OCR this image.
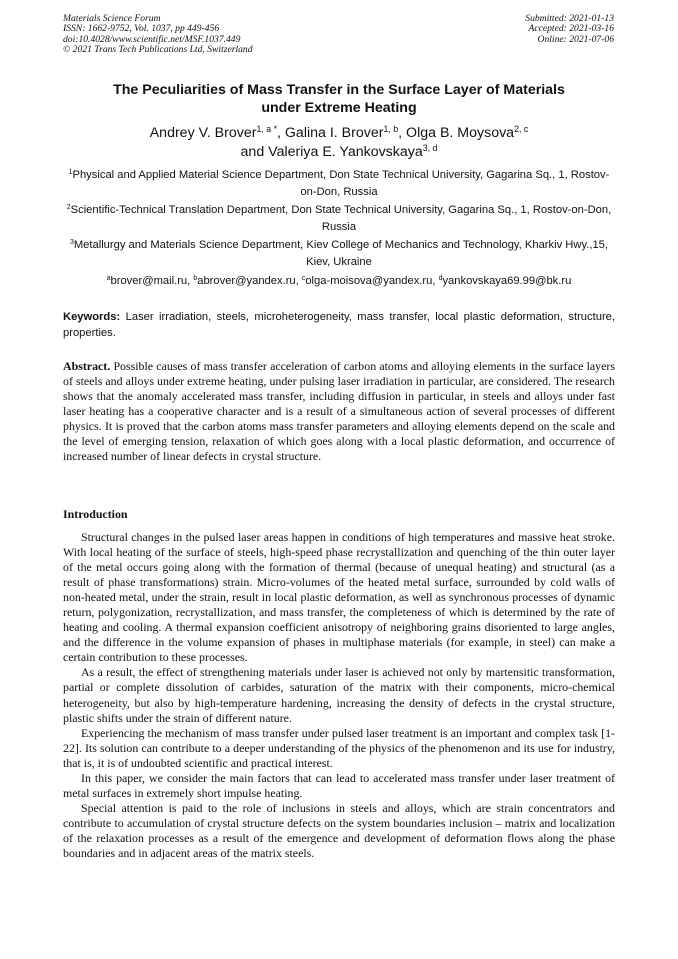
Materials Science Forum
ISSN: 1662-9752, Vol. 1037, pp 449-456
doi:10.4028/www.scientific.net/MSF.1037.449
© 2021 Trans Tech Publications Ltd, Switzerland
Submitted: 2021-01-13
Accepted: 2021-03-16
Online: 2021-07-06
The Peculiarities of Mass Transfer in the Surface Layer of Materials
under Extreme Heating
Andrey V. Brover$^{1, a *}$, Galina I. Brover$^{1, b}$, Olga B. Moysova$^{2, c}$
and Valeriya E. Yankovskaya$^{3, d}$
$^1$Physical and Applied Material Science Department, Don State Technical University, Gagarina Sq., 1, Rostov-on-Don, Russia
$^2$Scientific-Technical Translation Department, Don State Technical University, Gagarina Sq., 1, Rostov-on-Don, Russia
$^3$Metallurgy and Materials Science Department, Kiev College of Mechanics and Technology, Kharkiv Hwy.,15, Kiev, Ukraine
$^a$brover@mail.ru, $^b$abrover@yandex.ru, $^c$olga-moisova@yandex.ru, $^d$yankovskaya69.99@bk.ru
Keywords: Laser irradiation, steels, microheterogeneity, mass transfer, local plastic deformation, structure, properties.
Abstract. Possible causes of mass transfer acceleration of carbon atoms and alloying elements in the surface layers of steels and alloys under extreme heating, under pulsing laser irradiation in particular, are considered. The research shows that the anomaly accelerated mass transfer, including diffusion in particular, in steels and alloys under fast laser heating has a cooperative character and is a result of a simultaneous action of several processes of different physics. It is proved that the carbon atoms mass transfer parameters and alloying elements depend on the scale and the level of emerging tension, relaxation of which goes along with a local plastic deformation, and occurrence of increased number of linear defects in crystal structure.
Introduction

Structural changes in the pulsed laser areas happen in conditions of high temperatures and massive heat stroke. With local heating of the surface of steels, high-speed phase recrystallization and quenching of the thin outer layer of the metal occurs going along with the formation of thermal (because of unequal heating) and structural (as a result of phase transformations) strain. Micro-volumes of the heated metal surface, surrounded by cold walls of non-heated metal, under the strain, result in local plastic deformation, as well as synchronous processes of dynamic return, polygonization, recrystallization, and mass transfer, the completeness of which is determined by the rate of heating and cooling. A thermal expansion coefficient anisotropy of neighboring grains disoriented to large angles, and the difference in the volume expansion of phases in multiphase materials (for example, in steel) can make a certain contribution to these processes.

As a result, the effect of strengthening materials under laser is achieved not only by martensitic transformation, partial or complete dissolution of carbides, saturation of the matrix with their components, micro-chemical heterogeneity, but also by high-temperature hardening, increasing the density of defects in the crystal structure, plastic shifts under the strain of different nature.

Experiencing the mechanism of mass transfer under pulsed laser treatment is an important and complex task [1-22]. Its solution can contribute to a deeper understanding of the physics of the phenomenon and its use for industry, that is, it is of undoubted scientific and practical interest.

In this paper, we consider the main factors that can lead to accelerated mass transfer under laser treatment of metal surfaces in extremely short impulse heating.

Special attention is paid to the role of inclusions in steels and alloys, which are strain concentrators and contribute to accumulation of crystal structure defects on the system boundaries inclusion – matrix and localization of the relaxation processes as a result of the emergence and development of deformation flows along the phase boundaries and in adjacent areas of the matrix steels.
